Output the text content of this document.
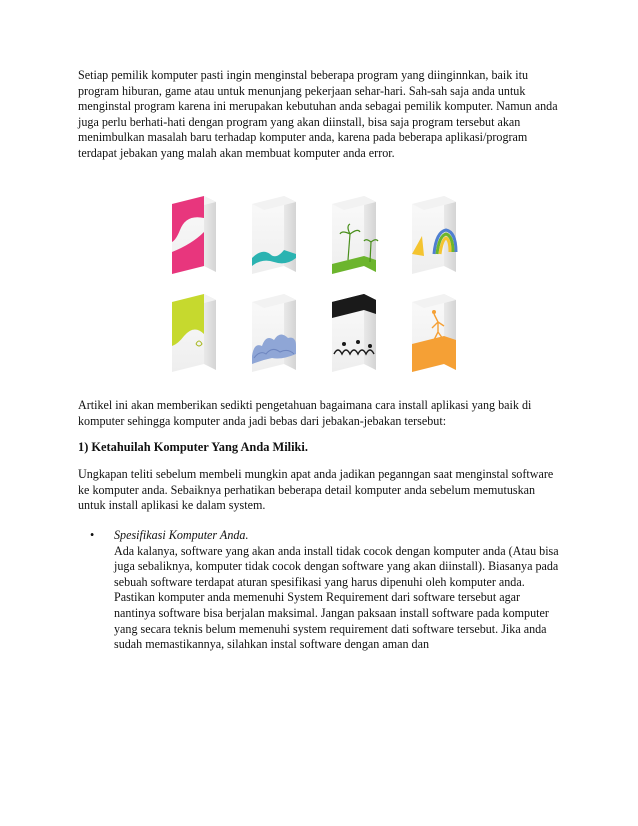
Setiap pemilik komputer pasti ingin menginstal beberapa program yang diinginnkan, baik itu program hiburan, game atau untuk menunjang pekerjaan sehar-hari. Sah-sah saja anda untuk menginstal program karena ini merupakan kebutuhan anda sebagai pemilik komputer. Namun anda juga perlu berhati-hati dengan program yang akan diinstall, bisa saja program tersebut akan menimbulkan masalah baru terhadap komputer anda, karena pada beberapa aplikasi/program terdapat jebakan yang malah akan membuat komputer anda error.

Artikel ini akan memberikan sedikti pengetahuan bagaimana cara install aplikasi yang baik di komputer sehingga komputer anda jadi bebas dari jebakan-jebakan tersebut:

1) Ketahuilah Komputer Yang Anda Miliki.

Ungkapan teliti sebelum membeli mungkin apat anda jadikan peganngan saat menginstal software ke komputer anda. Sebaiknya perhatikan beberapa detail komputer anda sebelum memutuskan untuk install aplikasi ke dalam system.

• Spesifikasi Komputer Anda.
Ada kalanya, software yang akan anda install tidak cocok dengan komputer anda (Atau bisa juga sebaliknya, komputer tidak cocok dengan software yang akan diinstall). Biasanya pada sebuah software terdapat aturan spesifikasi yang harus dipenuhi oleh komputer anda. Pastikan komputer anda memenuhi System Requirement dari software tersebut agar nantinya software bisa berjalan maksimal. Jangan paksaan install software pada komputer yang secara teknis belum memenuhi system requirement dati software tersebut. Jika anda sudah memastikannya, silahkan instal software dengan aman dan
